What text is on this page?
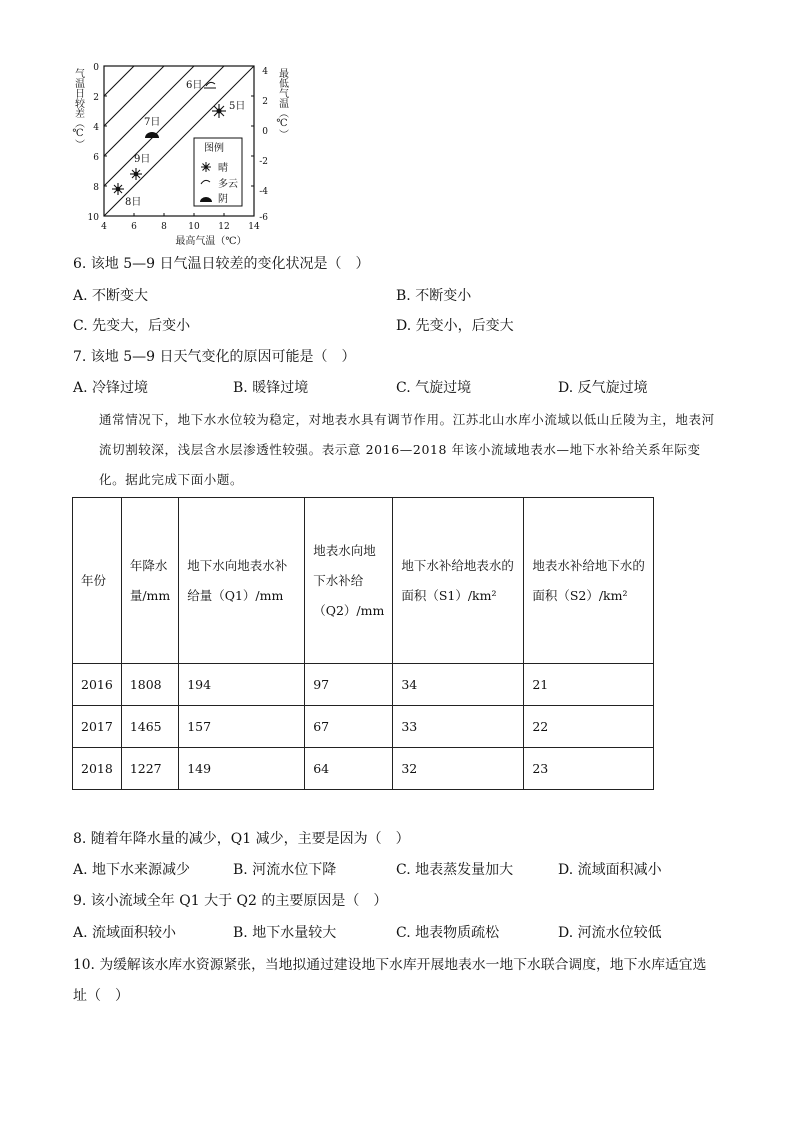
0
2
4
6
8
10
4
2
0
-2
-4
-6
4	6	8 10 12 14
最高气温（℃）
气温日较差（℃）	最低气温（℃）
5日
6日
7日
9日
8日
图例
晴
多云
阴
6. 该地 5—9 日气温日较差的变化状况是（　）
A. 不断变大	B. 不断变小
C. 先变大，后变小	D. 先变小，后变大
7. 该地 5—9 日天气变化的原因可能是（　）
A. 冷锋过境	B. 暖锋过境	C. 气旋过境	D. 反气旋过境
通常情况下，地下水水位较为稳定，对地表水具有调节作用。江苏北山水库小流域以低山丘陵为主，地表河流切割较深，浅层含水层渗透性较强。表示意 2016—2018 年该小流域地表水—地下水补给关系年际变化。据此完成下面小题。
年份	年降水量/mm	地下水向地表水补给量（Q1）/mm	地表水向地下水补给（Q2）/mm	地下水补给地表水的面积（S1）/km²	地表水补给地下水的面积（S2）/km²
2016	1808	194	97	34	21
2017	1465	157	67	33	22
2018	1227	149	64	32	23
8. 随着年降水量的减少，Q1 减少，主要是因为（　）
A. 地下水来源减少	B. 河流水位下降	C. 地表蒸发量加大	D. 流域面积减小
9. 该小流域全年 Q1 大于 Q2 的主要原因是（　）
A. 流域面积较小	B. 地下水量较大	C. 地表物质疏松	D. 河流水位较低
10. 为缓解该水库水资源紧张，当地拟通过建设地下水库开展地表水一地下水联合调度，地下水库适宜选
址（　）
